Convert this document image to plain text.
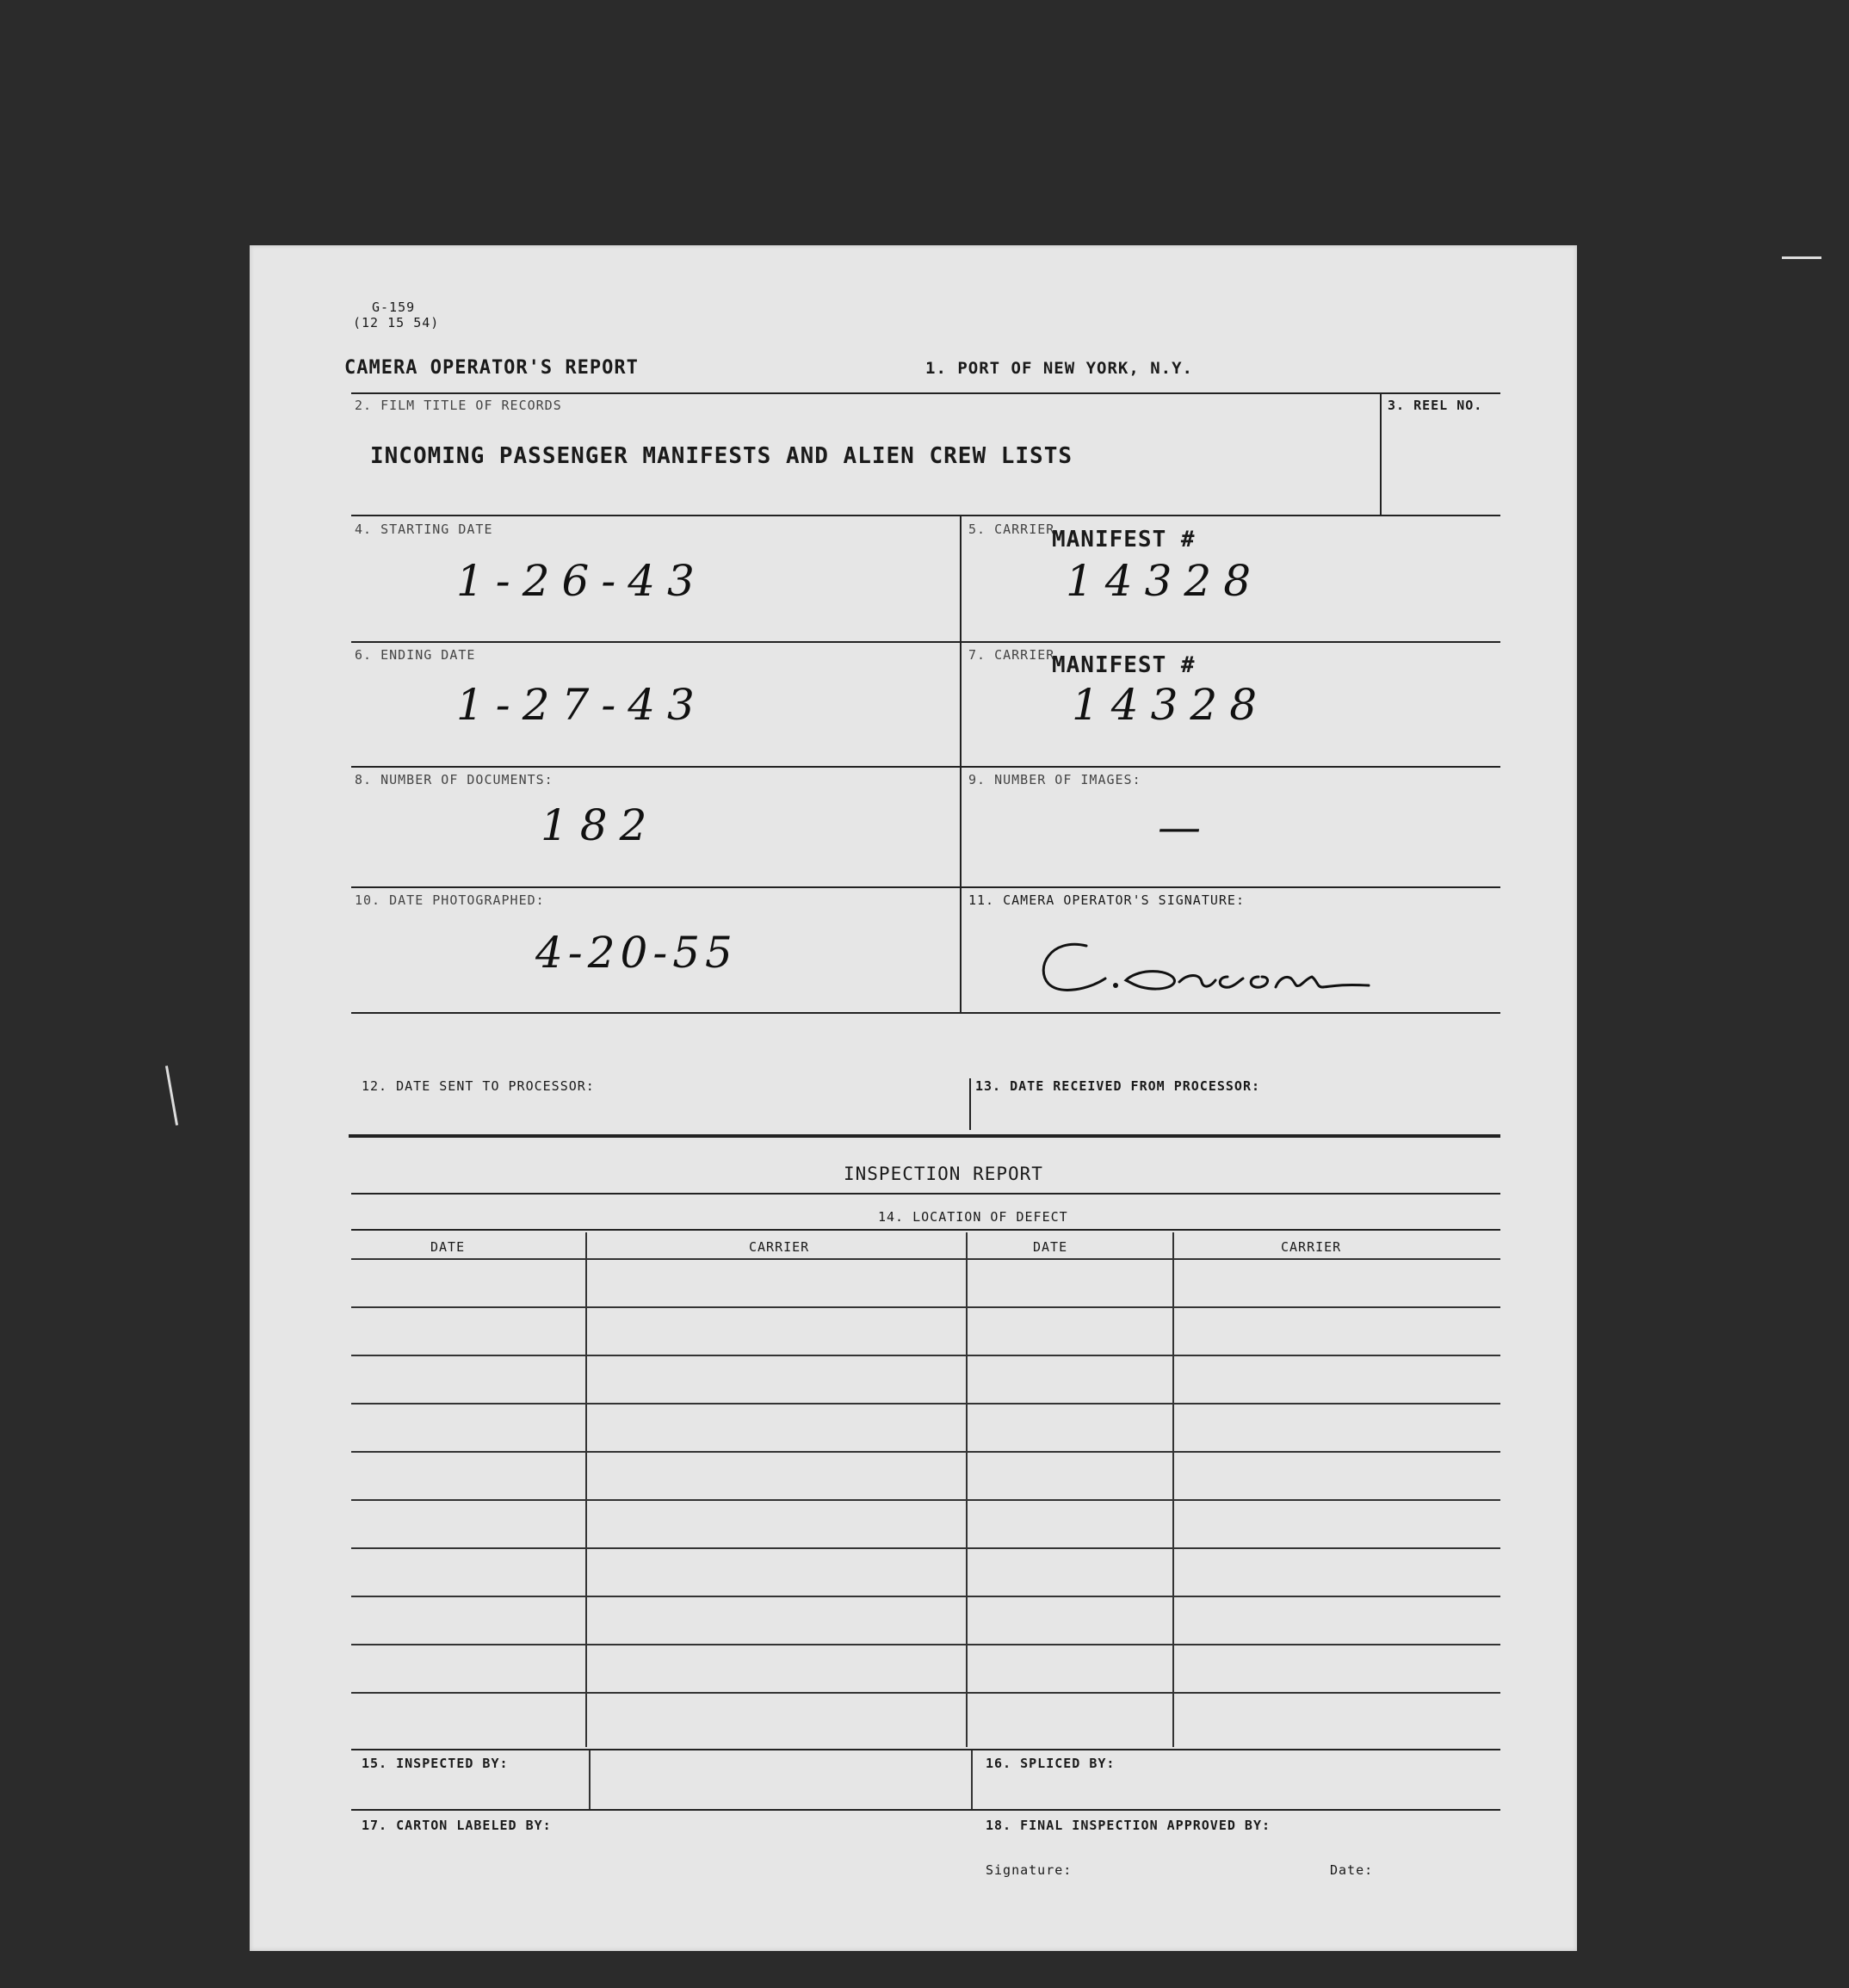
G-159
(12 15 54)
CAMERA OPERATOR'S REPORT	1. PORT OF NEW YORK, N.Y.
2. FILM TITLE OF RECORDS
INCOMING PASSENGER MANIFESTS AND ALIEN CREW LISTS
3. REEL NO.
4. STARTING DATE
1-26-43
5. CARRIER
MANIFEST #
14328
6. ENDING DATE
1-27-43
7. CARRIER
MANIFEST #
14328
8. NUMBER OF DOCUMENTS:
182
9. NUMBER OF IMAGES:
—
10. DATE PHOTOGRAPHED:
4-20-55
11. CAMERA OPERATOR'S SIGNATURE:
12. DATE SENT TO PROCESSOR:	13. DATE RECEIVED FROM PROCESSOR:
INSPECTION REPORT
14. LOCATION OF DEFECT
DATE	CARRIER	DATE	CARRIER
15. INSPECTED BY:	16. SPLICED BY:
17. CARTON LABELED BY:	18. FINAL INSPECTION APPROVED BY:
Signature:	Date:
